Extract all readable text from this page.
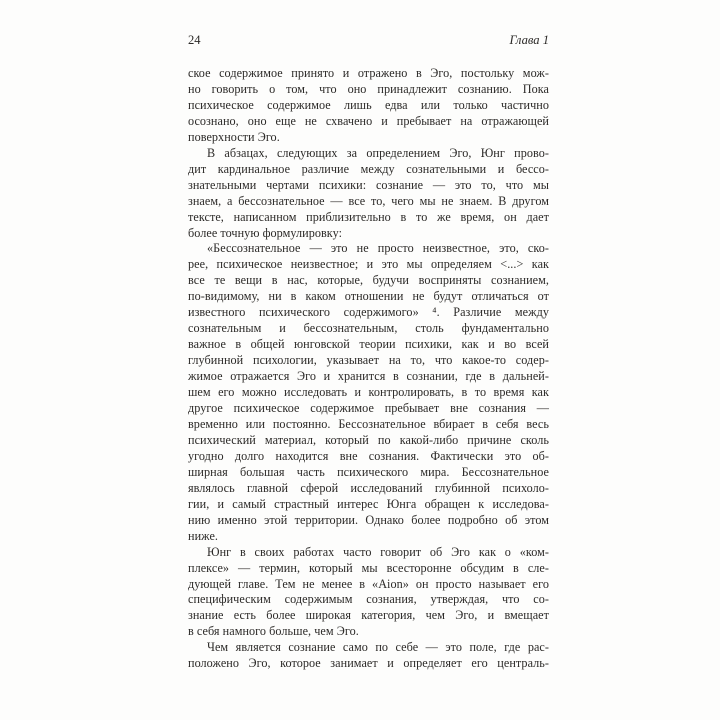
24	Глава 1
ское содержимое принято и отражено в Эго, постольку мож-
но говорить о том, что оно принадлежит сознанию. Пока
психическое содержимое лишь едва или только частично
осознано, оно еще не схвачено и пребывает на отражающей
поверхности Эго.
В абзацах, следующих за определением Эго, Юнг прово-
дит кардинальное различие между сознательными и бессо-
знательными чертами психики: сознание — это то, что мы
знаем, а бессознательное — все то, чего мы не знаем. В другом
тексте, написанном приблизительно в то же время, он дает
более точную формулировку:
«Бессознательное — это не просто неизвестное, это, ско-
рее, психическое неизвестное; и это мы определяем <...> как
все те вещи в нас, которые, будучи восприняты сознанием,
по-видимому, ни в каком отношении не будут отличаться от
известного психического содержимого» ⁴. Различие между
сознательным и бессознательным, столь фундаментально
важное в общей юнговской теории психики, как и во всей
глубинной психологии, указывает на то, что какое-то содер-
жимое отражается Эго и хранится в сознании, где в дальней-
шем его можно исследовать и контролировать, в то время как
другое психическое содержимое пребывает вне сознания —
временно или постоянно. Бессознательное вбирает в себя весь
психический материал, который по какой-либо причине сколь
угодно долго находится вне сознания. Фактически это об-
ширная большая часть психического мира. Бессознательное
являлось главной сферой исследований глубинной психоло-
гии, и самый страстный интерес Юнга обращен к исследова-
нию именно этой территории. Однако более подробно об этом
ниже.
Юнг в своих работах часто говорит об Эго как о «ком-
плексе» — термин, который мы всесторонне обсудим в сле-
дующей главе. Тем не менее в «Aion» он просто называет его
специфическим содержимым сознания, утверждая, что со-
знание есть более широкая категория, чем Эго, и вмещает
в себя намного больше, чем Эго.
Чем является сознание само по себе — это поле, где рас-
положено Эго, которое занимает и определяет его централь-
